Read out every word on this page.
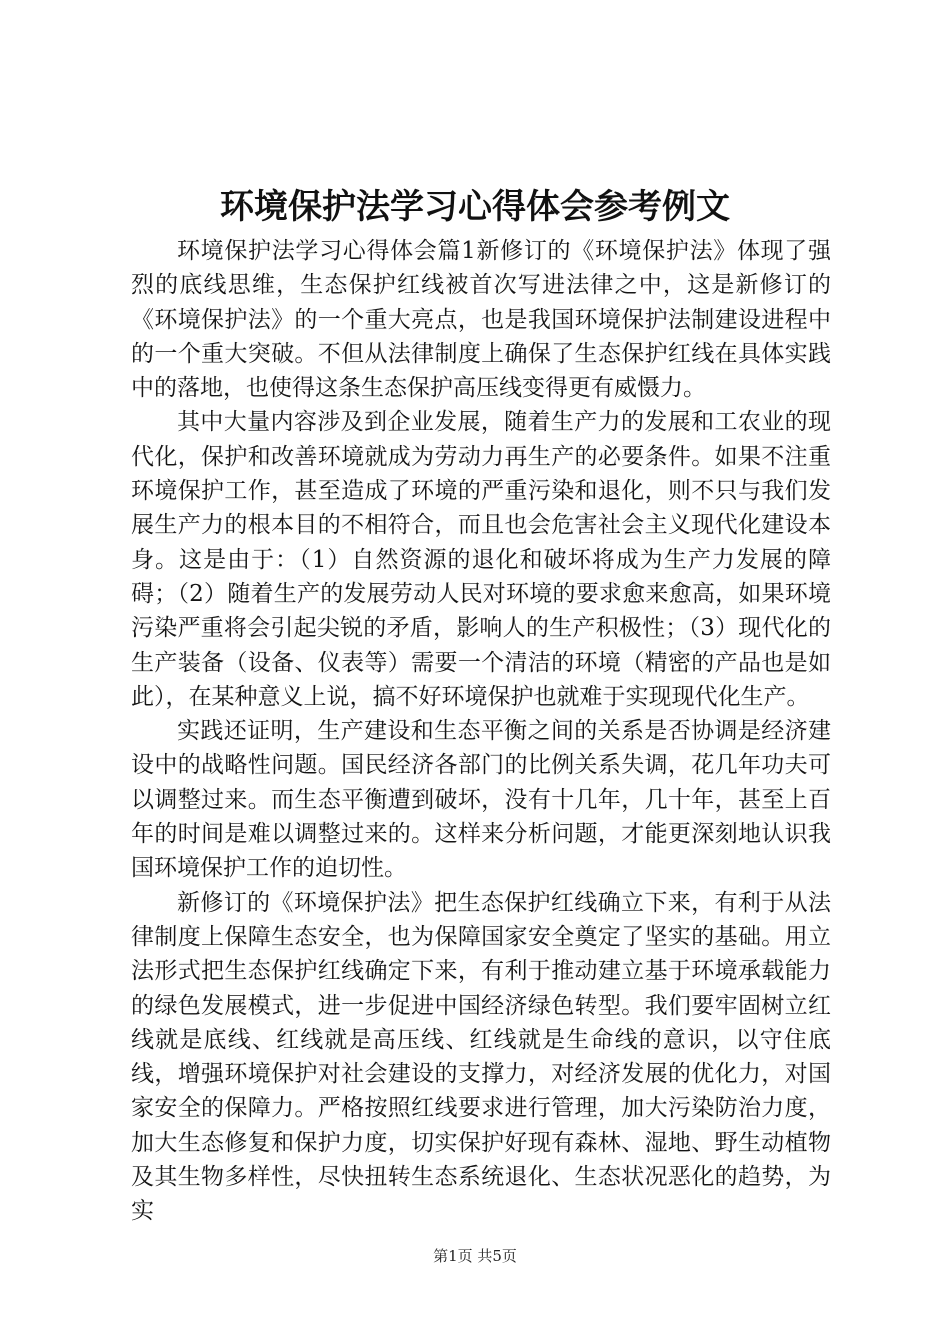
环境保护法学习心得体会参考例文

环境保护法学习心得体会篇1新修订的《环境保护法》体现了强烈的底线思维，生态保护红线被首次写进法律之中，这是新修订的《环境保护法》的一个重大亮点，也是我国环境保护法制建设进程中的一个重大突破。不但从法律制度上确保了生态保护红线在具体实践中的落地，也使得这条生态保护高压线变得更有威慑力。

其中大量内容涉及到企业发展，随着生产力的发展和工农业的现代化，保护和改善环境就成为劳动力再生产的必要条件。如果不注重环境保护工作，甚至造成了环境的严重污染和退化，则不只与我们发展生产力的根本目的不相符合，而且也会危害社会主义现代化建设本身。这是由于：（1）自然资源的退化和破坏将成为生产力发展的障碍；（2）随着生产的发展劳动人民对环境的要求愈来愈高，如果环境污染严重将会引起尖锐的矛盾，影响人的生产积极性；（3）现代化的生产装备（设备、仪表等）需要一个清洁的环境（精密的产品也是如此），在某种意义上说，搞不好环境保护也就难于实现现代化生产。

实践还证明，生产建设和生态平衡之间的关系是否协调是经济建设中的战略性问题。国民经济各部门的比例关系失调，花几年功夫可以调整过来。而生态平衡遭到破坏，没有十几年，几十年，甚至上百年的时间是难以调整过来的。这样来分析问题，才能更深刻地认识我国环境保护工作的迫切性。

新修订的《环境保护法》把生态保护红线确立下来，有利于从法律制度上保障生态安全，也为保障国家安全奠定了坚实的基础。用立法形式把生态保护红线确定下来，有利于推动建立基于环境承载能力的绿色发展模式，进一步促进中国经济绿色转型。我们要牢固树立红线就是底线、红线就是高压线、红线就是生命线的意识，以守住底线，增强环境保护对社会建设的支撑力，对经济发展的优化力，对国家安全的保障力。严格按照红线要求进行管理，加大污染防治力度，加大生态修复和保护力度，切实保护好现有森林、湿地、野生动植物及其生物多样性，尽快扭转生态系统退化、生态状况恶化的趋势，为实

第1页 共5页
